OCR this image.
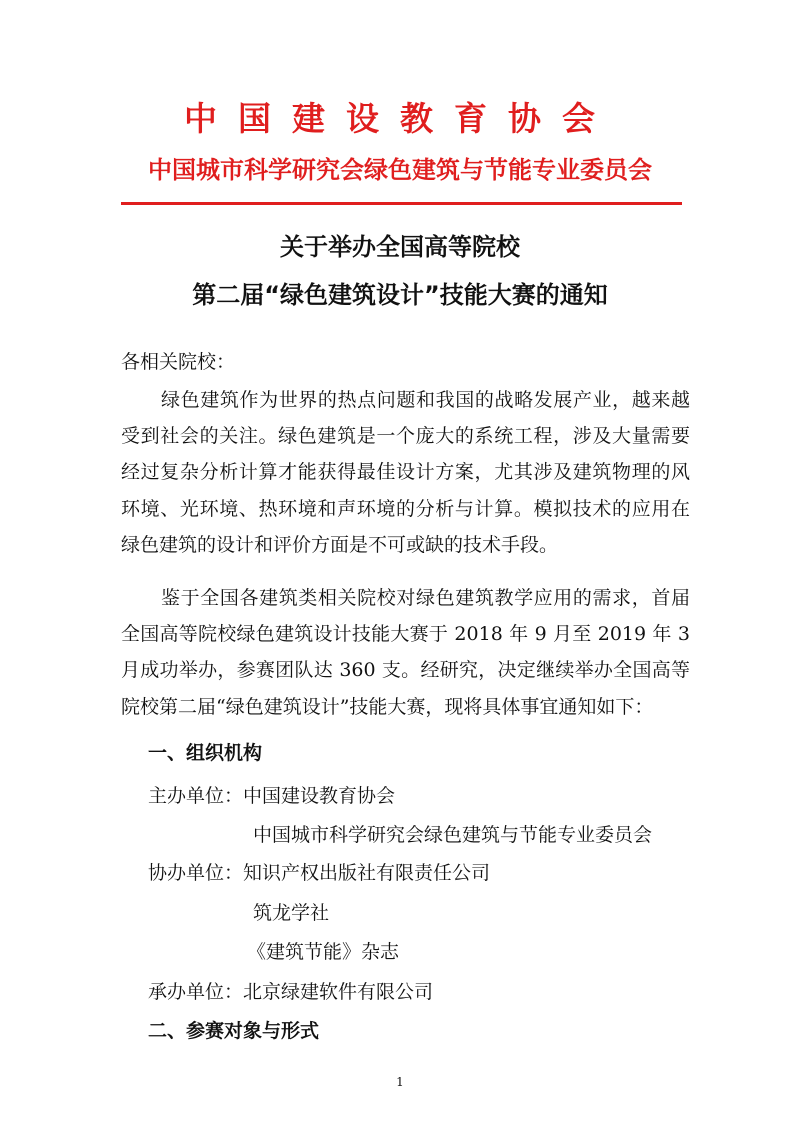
中国建设教育协会
中国城市科学研究会绿色建筑与节能专业委员会
关于举办全国高等院校
第二届“绿色建筑设计”技能大赛的通知
各相关院校：

绿色建筑作为世界的热点问题和我国的战略发展产业，越来越受到社会的关注。绿色建筑是一个庞大的系统工程，涉及大量需要经过复杂分析计算才能获得最佳设计方案，尤其涉及建筑物理的风环境、光环境、热环境和声环境的分析与计算。模拟技术的应用在绿色建筑的设计和评价方面是不可或缺的技术手段。

鉴于全国各建筑类相关院校对绿色建筑教学应用的需求，首届全国高等院校绿色建筑设计技能大赛于 2018 年 9 月至 2019 年 3 月成功举办，参赛团队达 360 支。经研究，决定继续举办全国高等院校第二届“绿色建筑设计”技能大赛，现将具体事宜通知如下：

一、组织机构
主办单位：中国建设教育协会
中国城市科学研究会绿色建筑与节能专业委员会
协办单位：知识产权出版社有限责任公司
筑龙学社
《建筑节能》杂志
承办单位：北京绿建软件有限公司
二、参赛对象与形式
1
